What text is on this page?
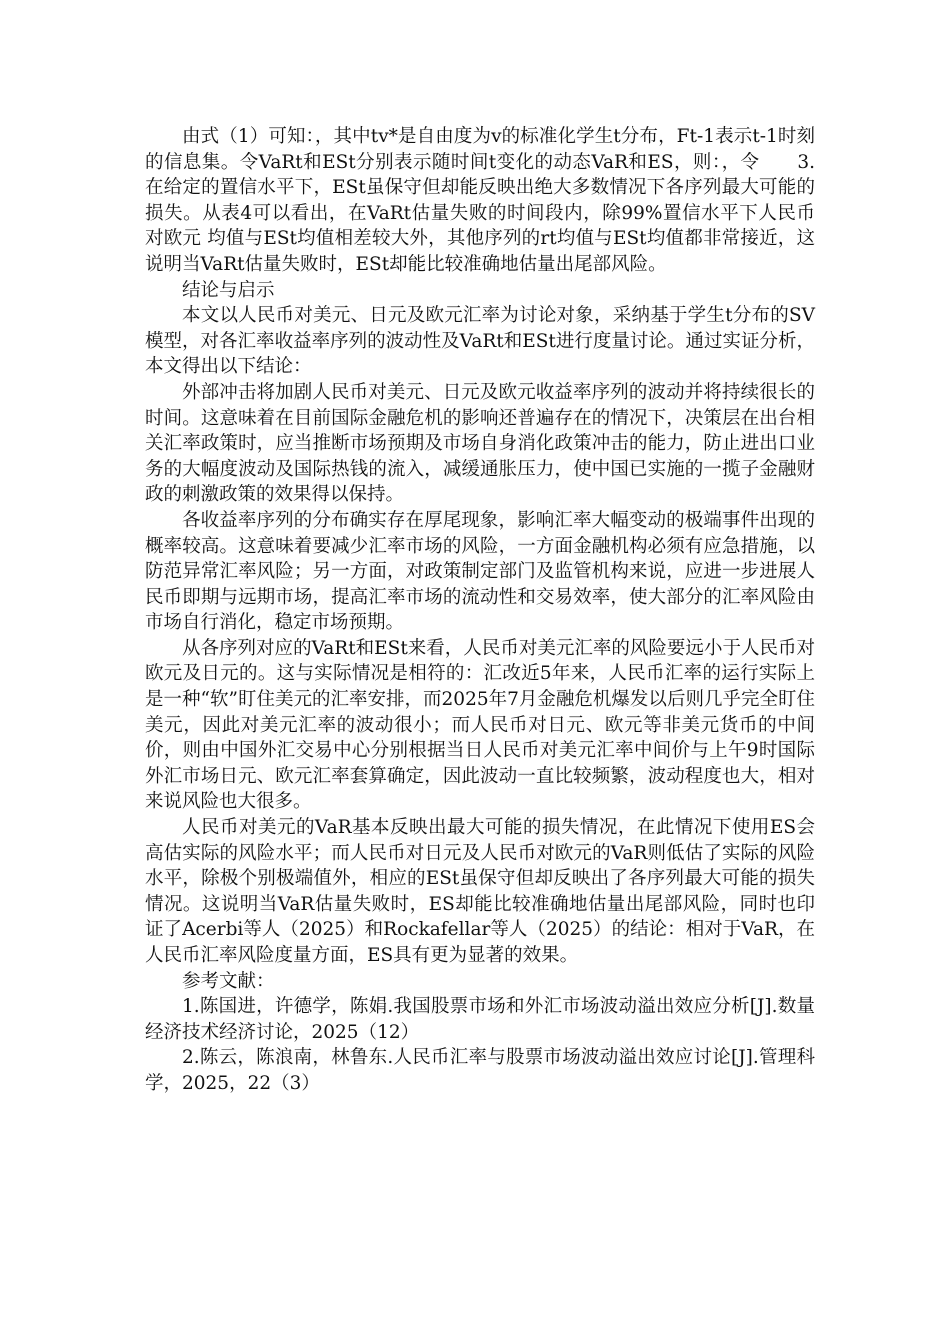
由式（1）可知：，其中tv*是自由度为v的标准化学生t分布，Ft-1表示t-1时刻的信息集。令VaRt和ESt分别表示随时间t变化的动态VaR和ES，则：，令　　3.在给定的置信水平下，ESt虽保守但却能反映出绝大多数情况下各序列最大可能的损失。从表4可以看出，在VaRt估量失败的时间段内，除99%置信水平下人民币对欧元 均值与ESt均值相差较大外，其他序列的rt均值与ESt均值都非常接近，这说明当VaRt估量失败时，ESt却能比较准确地估量出尾部风险。

结论与启示

本文以人民币对美元、日元及欧元汇率为讨论对象，采纳基于学生t分布的SV模型，对各汇率收益率序列的波动性及VaRt和ESt进行度量讨论。通过实证分析，本文得出以下结论：

外部冲击将加剧人民币对美元、日元及欧元收益率序列的波动并将持续很长的时间。这意味着在目前国际金融危机的影响还普遍存在的情况下，决策层在出台相关汇率政策时，应当推断市场预期及市场自身消化政策冲击的能力，防止进出口业务的大幅度波动及国际热钱的流入，减缓通胀压力，使中国已实施的一揽子金融财政的刺激政策的效果得以保持。

各收益率序列的分布确实存在厚尾现象，影响汇率大幅变动的极端事件出现的概率较高。这意味着要减少汇率市场的风险，一方面金融机构必须有应急措施，以防范异常汇率风险；另一方面，对政策制定部门及监管机构来说，应进一步进展人民币即期与远期市场，提高汇率市场的流动性和交易效率，使大部分的汇率风险由市场自行消化，稳定市场预期。

从各序列对应的VaRt和ESt来看，人民币对美元汇率的风险要远小于人民币对欧元及日元的。这与实际情况是相符的：汇改近5年来，人民币汇率的运行实际上是一种“软”盯住美元的汇率安排，而2025年7月金融危机爆发以后则几乎完全盯住美元，因此对美元汇率的波动很小；而人民币对日元、欧元等非美元货币的中间价，则由中国外汇交易中心分别根据当日人民币对美元汇率中间价与上午9时国际外汇市场日元、欧元汇率套算确定，因此波动一直比较频繁，波动程度也大，相对来说风险也大很多。

人民币对美元的VaR基本反映出最大可能的损失情况，在此情况下使用ES会高估实际的风险水平；而人民币对日元及人民币对欧元的VaR则低估了实际的风险水平，除极个别极端值外，相应的ESt虽保守但却反映出了各序列最大可能的损失情况。这说明当VaR估量失败时，ES却能比较准确地估量出尾部风险，同时也印证了Acerbi等人（2025）和Rockafellar等人（2025）的结论：相对于VaR，在人民币汇率风险度量方面，ES具有更为显著的效果。

参考文献：

1.陈国进，许德学，陈娟.我国股票市场和外汇市场波动溢出效应分析[J].数量经济技术经济讨论，2025（12）

2.陈云，陈浪南，林鲁东.人民币汇率与股票市场波动溢出效应讨论[J].管理科学，2025，22（3）
